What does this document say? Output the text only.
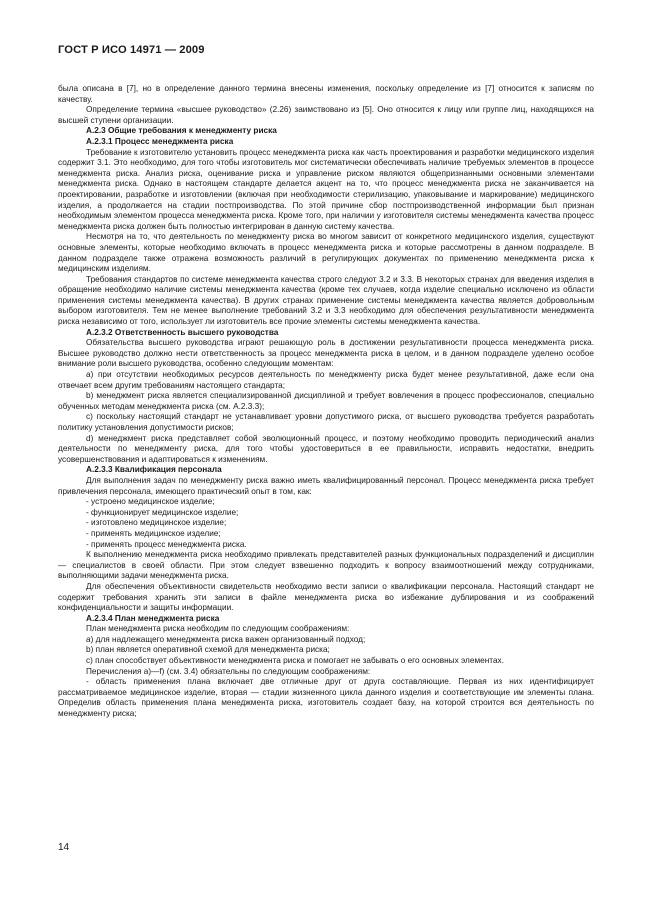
ГОСТ Р ИСО 14971 — 2009

была описана в [7], но в определение данного термина внесены изменения, поскольку определение из [7] относится к записям по качеству.

Определение термина «высшее руководство» (2.26) заимствовано из [5]. Оно относится к лицу или группе лиц, находящихся на высшей ступени организации.

А.2.3 Общие требования к менеджменту риска

А.2.3.1 Процесс менеджмента риска

Требование к изготовителю установить процесс менеджмента риска как часть проектирования и разработки медицинского изделия содержит 3.1. Это необходимо, для того чтобы изготовитель мог систематически обеспечивать наличие требуемых элементов в процессе менеджмента риска. Анализ риска, оценивание риска и управление риском являются общепризнанными основными элементами менеджмента риска. Однако в настоящем стандарте делается акцент на то, что процесс менеджмента риска не заканчивается на проектировании, разработке и изготовлении (включая при необходимости стерилизацию, упаковывание и маркирование) медицинского изделия, а продолжается на стадии постпроизводства. По этой причине сбор постпроизводственной информации был признан необходимым элементом процесса менеджмента риска. Кроме того, при наличии у изготовителя системы менеджмента качества процесс менеджмента риска должен быть полностью интегрирован в данную систему качества.

Несмотря на то, что деятельность по менеджменту риска во многом зависит от конкретного медицинского изделия, существуют основные элементы, которые необходимо включать в процесс менеджмента риска и которые рассмотрены в данном подразделе. В данном подразделе также отражена возможность различий в регулирующих документах по применению менеджмента риска к медицинским изделиям.

Требования стандартов по системе менеджмента качества строго следуют 3.2 и 3.3. В некоторых странах для введения изделия в обращение необходимо наличие системы менеджмента качества (кроме тех случаев, когда изделие специально исключено из области применения системы менеджмента качества). В других странах применение системы менеджмента качества является добровольным выбором изготовителя. Тем не менее выполнение требований 3.2 и 3.3 необходимо для обеспечения результативности менеджмента риска независимо от того, использует ли изготовитель все прочие элементы системы менеджмента качества.

А.2.3.2 Ответственность высшего руководства

Обязательства высшего руководства играют решающую роль в достижении результативности процесса менеджмента риска. Высшее руководство должно нести ответственность за процесс менеджмента риска в целом, и в данном подразделе уделено особое внимание роли высшего руководства, особенно следующим моментам:

a) при отсутствии необходимых ресурсов деятельность по менеджменту риска будет менее результативной, даже если она отвечает всем другим требованиям настоящего стандарта;

b) менеджмент риска является специализированной дисциплиной и требует вовлечения в процесс профессионалов, специально обученных методам менеджмента риска (см. А.2.3.3);

c) поскольку настоящий стандарт не устанавливает уровни допустимого риска, от высшего руководства требуется разработать политику установления допустимости рисков;

d) менеджмент риска представляет собой эволюционный процесс, и поэтому необходимо проводить периодический анализ деятельности по менеджменту риска, для того чтобы удостовериться в ее правильности, исправить недостатки, внедрить усовершенствования и адаптироваться к изменениям.

А.2.3.3 Квалификация персонала

Для выполнения задач по менеджменту риска важно иметь квалифицированный персонал. Процесс менеджмента риска требует привлечения персонала, имеющего практический опыт в том, как:

- устроено медицинское изделие;

- функционирует медицинское изделие;

- изготовлено медицинское изделие;

- применять медицинское изделие;

- применять процесс менеджмента риска.

К выполнению менеджмента риска необходимо привлекать представителей разных функциональных подразделений и дисциплин — специалистов в своей области. При этом следует взвешенно подходить к вопросу взаимоотношений между сотрудниками, выполняющими задачи менеджмента риска.

Для обеспечения объективности свидетельств необходимо вести записи о квалификации персонала. Настоящий стандарт не содержит требования хранить эти записи в файле менеджмента риска во избежание дублирования и из соображений конфиденциальности и защиты информации.

А.2.3.4 План менеджмента риска

План менеджмента риска необходим по следующим соображениям:

a) для надлежащего менеджмента риска важен организованный подход;

b) план является оперативной схемой для менеджмента риска;

c) план способствует объективности менеджмента риска и помогает не забывать о его основных элементах.

Перечисления а)—f) (см. 3.4) обязательны по следующим соображениям:

- область применения плана включает две отличные друг от друга составляющие. Первая из них идентифицирует рассматриваемое медицинское изделие, вторая — стадии жизненного цикла данного изделия и соответствующие им элементы плана. Определив область применения плана менеджмента риска, изготовитель создает базу, на которой строится вся деятельность по менеджменту риска;

14
